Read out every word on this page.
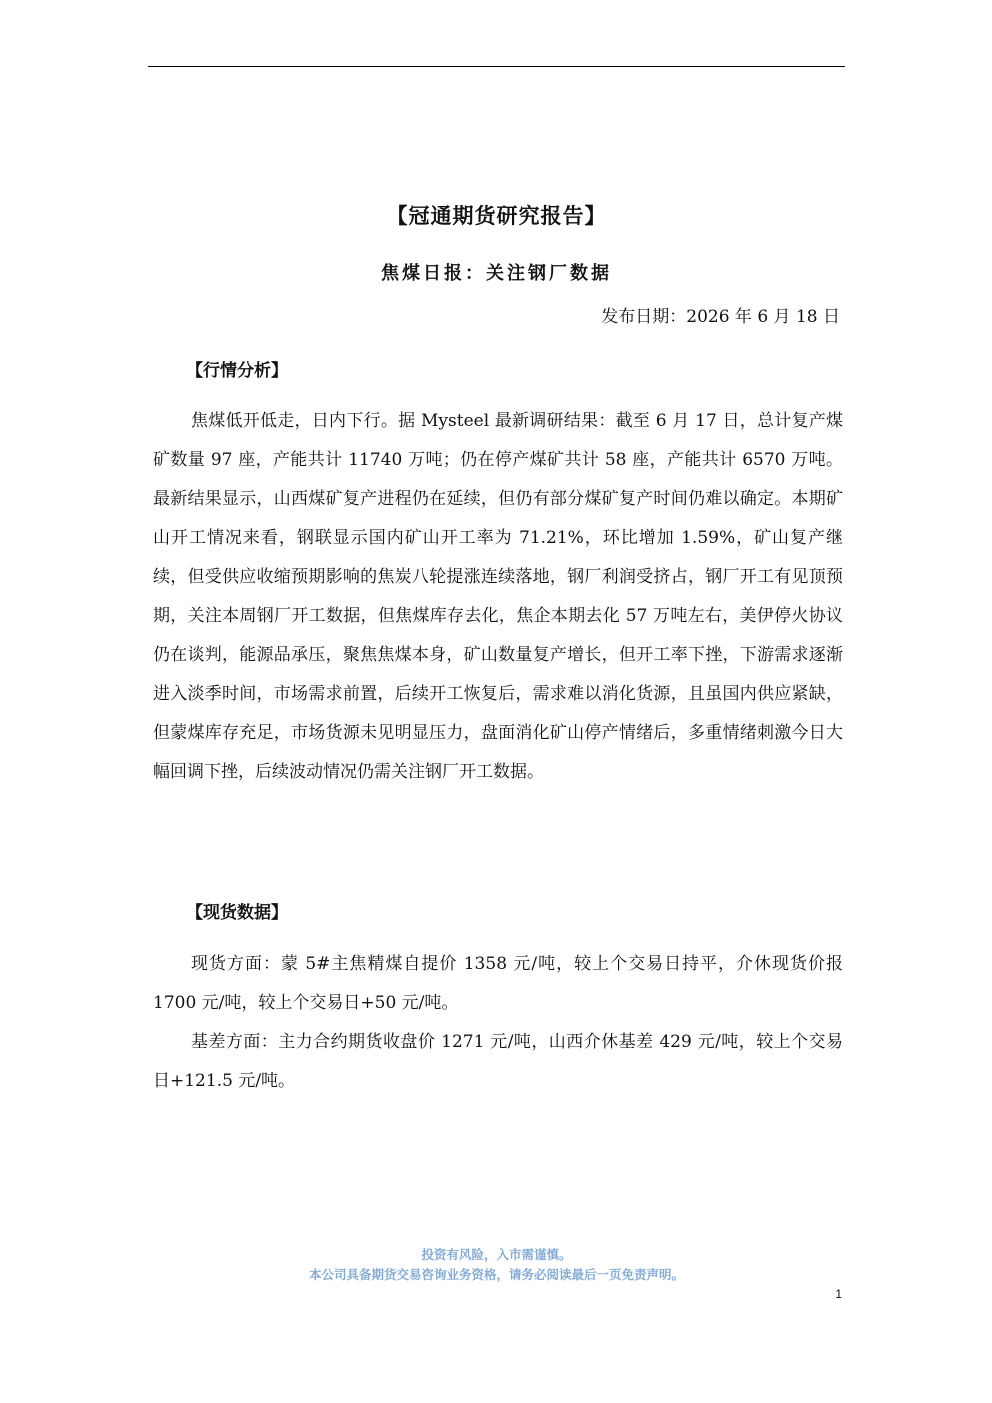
【冠通期货研究报告】
焦煤日报：关注钢厂数据

发布日期：2026 年 6 月 18 日

【行情分析】

焦煤低开低走，日内下行。据 Mysteel 最新调研结果：截至 6 月 17 日，总计复产煤矿数量 97 座，产能共计 11740 万吨；仍在停产煤矿共计 58 座，产能共计 6570 万吨。最新结果显示，山西煤矿复产进程仍在延续，但仍有部分煤矿复产时间仍难以确定。本期矿山开工情况来看，钢联显示国内矿山开工率为 71.21%，环比增加 1.59%，矿山复产继续，但受供应收缩预期影响的焦炭八轮提涨连续落地，钢厂利润受挤占，钢厂开工有见顶预期，关注本周钢厂开工数据，但焦煤库存去化，焦企本期去化 57 万吨左右，美伊停火协议仍在谈判，能源品承压，聚焦焦煤本身，矿山数量复产增长，但开工率下挫，下游需求逐渐进入淡季时间，市场需求前置，后续开工恢复后，需求难以消化货源，且虽国内供应紧缺，但蒙煤库存充足，市场货源未见明显压力，盘面消化矿山停产情绪后，多重情绪刺激今日大幅回调下挫，后续波动情况仍需关注钢厂开工数据。

【现货数据】

现货方面：蒙 5#主焦精煤自提价 1358 元/吨，较上个交易日持平，介休现货价报 1700 元/吨，较上个交易日+50 元/吨。

基差方面：主力合约期货收盘价 1271 元/吨，山西介休基差 429 元/吨，较上个交易日+121.5 元/吨。

投资有风险，入市需谨慎。

本公司具备期货交易咨询业务资格，请务必阅读最后一页免责声明。

1
